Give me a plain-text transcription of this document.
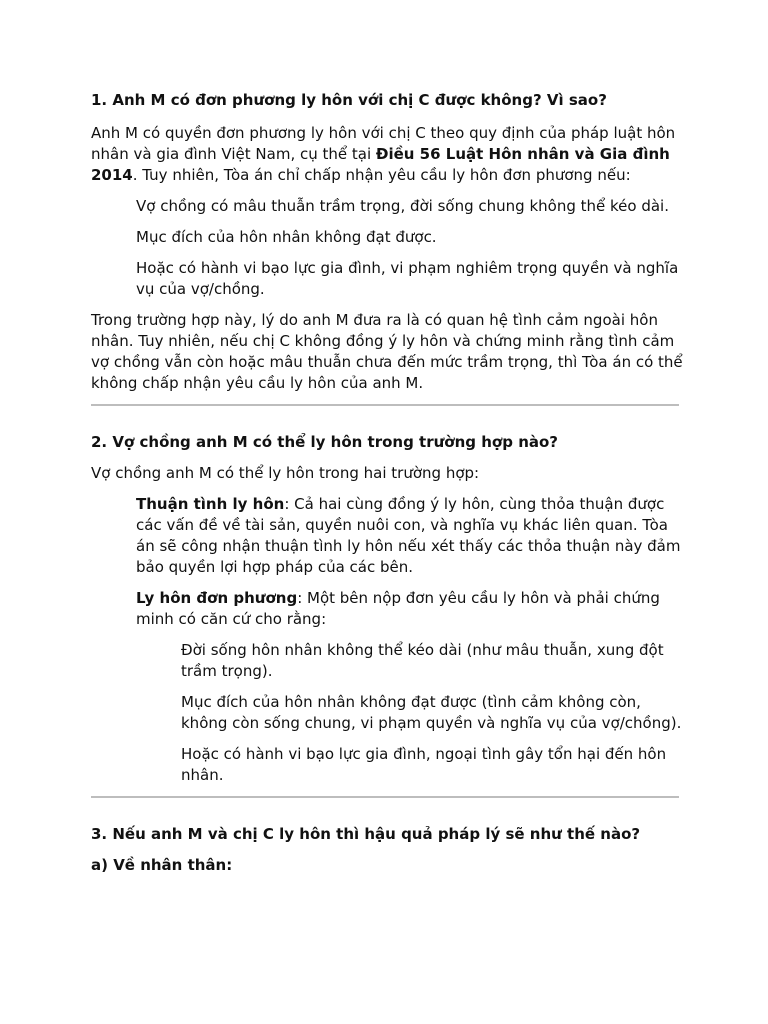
1. Anh M có đơn phương ly hôn với chị C được không? Vì sao?

Anh M có quyền đơn phương ly hôn với chị C theo quy định của pháp luật hôn nhân và gia đình Việt Nam, cụ thể tại Điều 56 Luật Hôn nhân và Gia đình 2014. Tuy nhiên, Tòa án chỉ chấp nhận yêu cầu ly hôn đơn phương nếu:

Vợ chồng có mâu thuẫn trầm trọng, đời sống chung không thể kéo dài.

Mục đích của hôn nhân không đạt được.

Hoặc có hành vi bạo lực gia đình, vi phạm nghiêm trọng quyền và nghĩa vụ của vợ/chồng.

Trong trường hợp này, lý do anh M đưa ra là có quan hệ tình cảm ngoài hôn nhân. Tuy nhiên, nếu chị C không đồng ý ly hôn và chứng minh rằng tình cảm vợ chồng vẫn còn hoặc mâu thuẫn chưa đến mức trầm trọng, thì Tòa án có thể không chấp nhận yêu cầu ly hôn của anh M.

2. Vợ chồng anh M có thể ly hôn trong trường hợp nào?

Vợ chồng anh M có thể ly hôn trong hai trường hợp:

Thuận tình ly hôn: Cả hai cùng đồng ý ly hôn, cùng thỏa thuận được các vấn đề về tài sản, quyền nuôi con, và nghĩa vụ khác liên quan. Tòa án sẽ công nhận thuận tình ly hôn nếu xét thấy các thỏa thuận này đảm bảo quyền lợi hợp pháp của các bên.

Ly hôn đơn phương: Một bên nộp đơn yêu cầu ly hôn và phải chứng minh có căn cứ cho rằng:

Đời sống hôn nhân không thể kéo dài (như mâu thuẫn, xung đột trầm trọng).

Mục đích của hôn nhân không đạt được (tình cảm không còn, không còn sống chung, vi phạm quyền và nghĩa vụ của vợ/chồng).

Hoặc có hành vi bạo lực gia đình, ngoại tình gây tổn hại đến hôn nhân.

3. Nếu anh M và chị C ly hôn thì hậu quả pháp lý sẽ như thế nào?

a) Về nhân thân:
